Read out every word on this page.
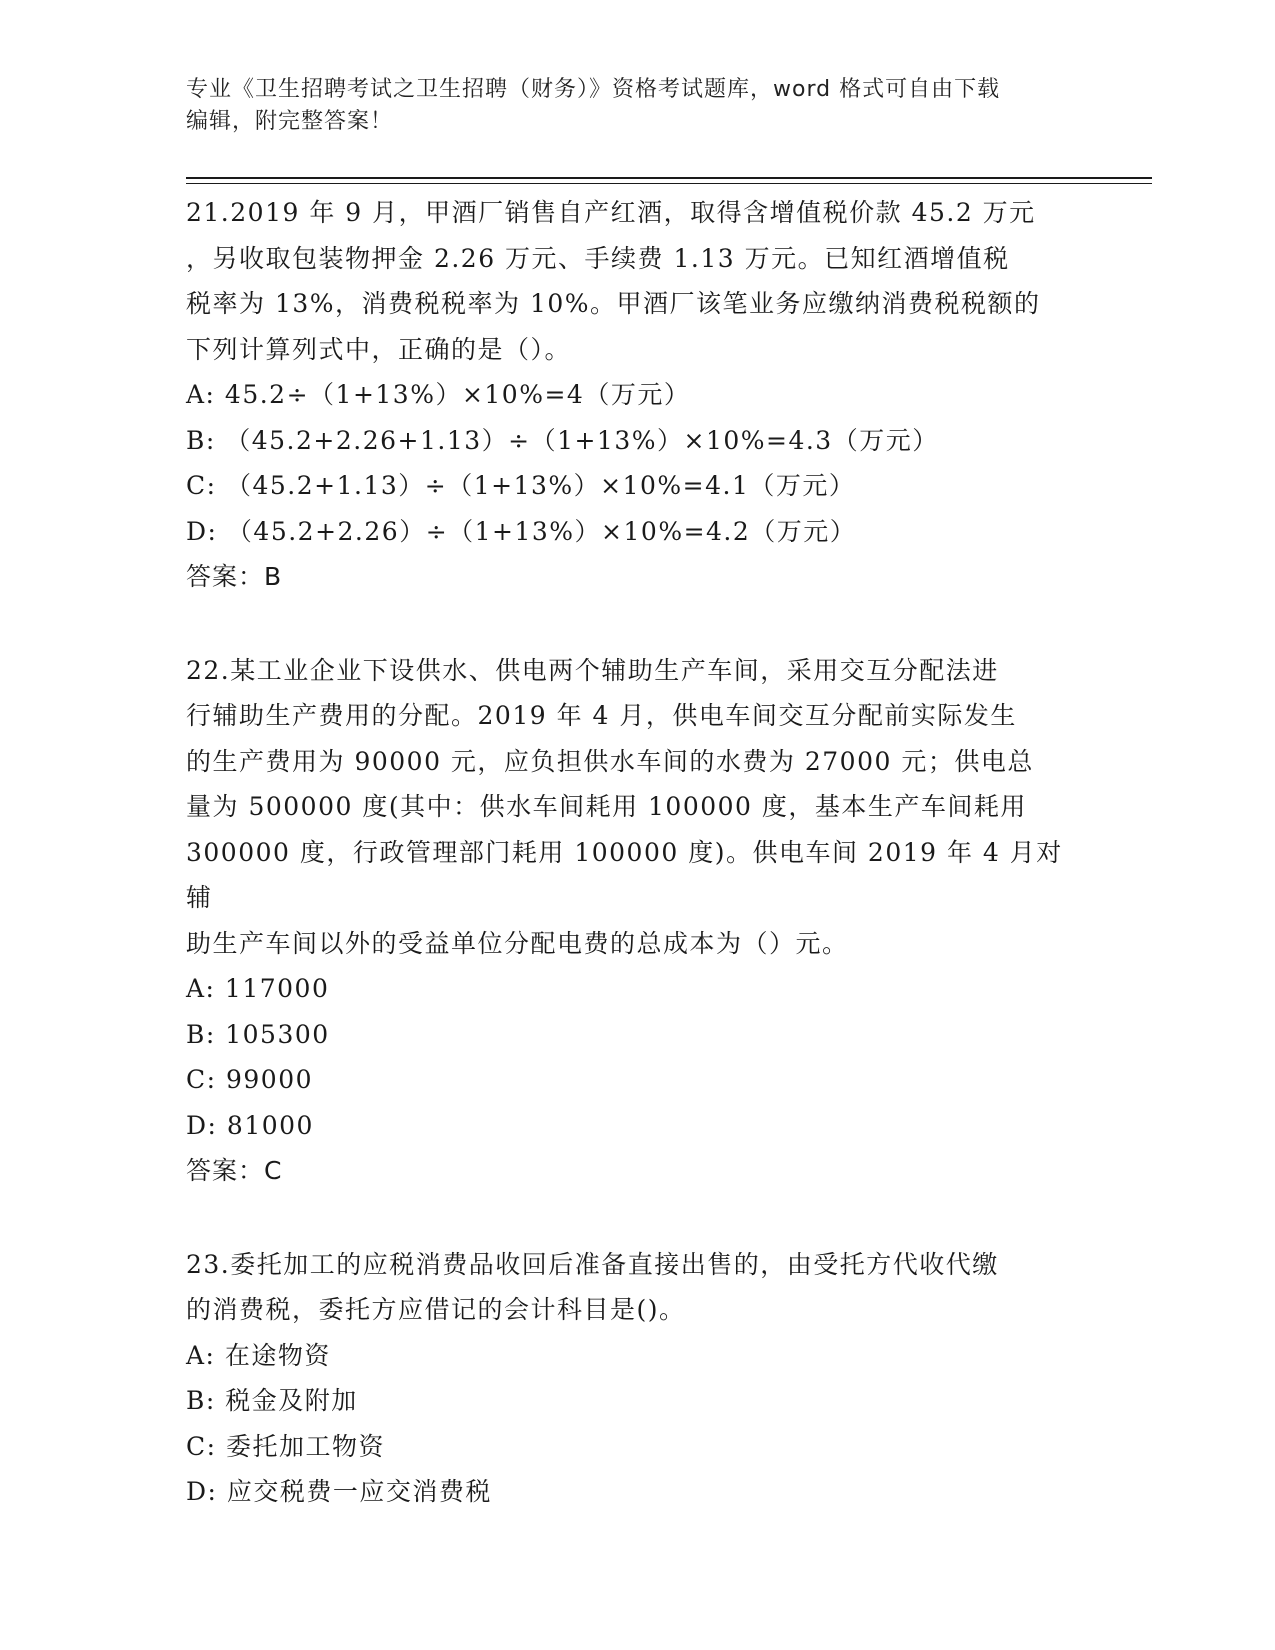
专业《卫生招聘考试之卫生招聘（财务）》资格考试题库，word 格式可自由下载
编辑，附完整答案！

21.2019 年 9 月，甲酒厂销售自产红酒，取得含增值税价款 45.2 万元

，另收取包装物押金 2.26 万元、手续费 1.13 万元。已知红酒增值税

税率为 13%，消费税税率为 10%。甲酒厂该笔业务应缴纳消费税税额的

下列计算列式中，正确的是（）。

A: 45.2÷（1+13%）×10%=4（万元）

B: （45.2+2.26+1.13）÷（1+13%）×10%=4.3（万元）

C: （45.2+1.13）÷（1+13%）×10%=4.1（万元）

D: （45.2+2.26）÷（1+13%）×10%=4.2（万元）

答案：B

22.某工业企业下设供水、供电两个辅助生产车间，采用交互分配法进

行辅助生产费用的分配。2019 年 4 月，供电车间交互分配前实际发生

的生产费用为 90000 元，应负担供水车间的水费为 27000 元；供电总

量为 500000 度(其中：供水车间耗用 100000 度，基本生产车间耗用

300000 度，行政管理部门耗用 100000 度)。供电车间 2019 年 4 月对辅

助生产车间以外的受益单位分配电费的总成本为（）元。

A: 117000

B: 105300

C: 99000

D: 81000

答案：C

23.委托加工的应税消费品收回后准备直接出售的，由受托方代收代缴

的消费税，委托方应借记的会计科目是()。

A: 在途物资

B: 税金及附加

C: 委托加工物资

D: 应交税费一应交消费税
